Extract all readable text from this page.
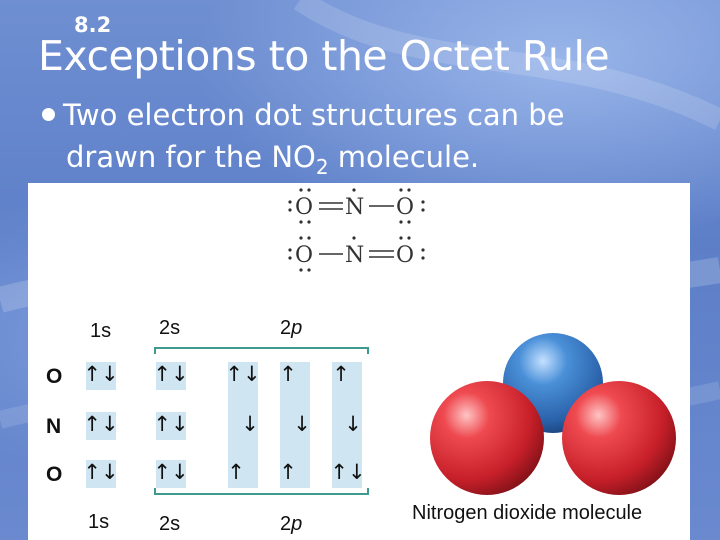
8.2
Exceptions to the Octet Rule
Two electron dot structures can be
drawn for the $NO_2$ molecule.
O N O
O N O
1s 2s	2p
O ↑↓ ↑↓ ↑↓ ↑ ↑
N ↑↓ ↑↓	↓ ↓ ↓
O ↑↓ ↑↓ ↑ ↑ ↑↓
1s 2s	2p	Nitrogen dioxide molecule
